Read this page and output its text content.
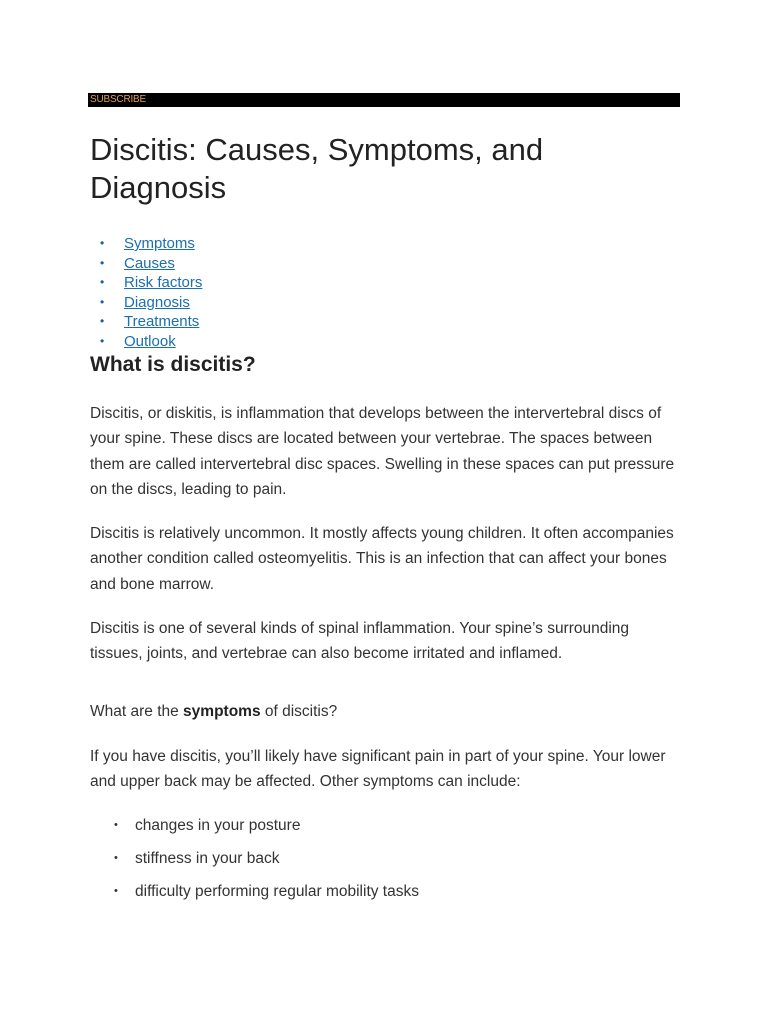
SUBSCRIBE
Discitis: Causes, Symptoms, and Diagnosis
•	Symptoms
•	Causes
•	Risk factors
•	Diagnosis
•	Treatments
•	Outlook
What is discitis?

Discitis, or diskitis, is inflammation that develops between the intervertebral discs of your spine. These discs are located between your vertebrae. The spaces between them are called intervertebral disc spaces. Swelling in these spaces can put pressure on the discs, leading to pain.

Discitis is relatively uncommon. It mostly affects young children. It often accompanies another condition called osteomyelitis. This is an infection that can affect your bones and bone marrow.

Discitis is one of several kinds of spinal inflammation. Your spine’s surrounding tissues, joints, and vertebrae can also become irritated and inflamed.

What are the symptoms of discitis?

If you have discitis, you’ll likely have significant pain in part of your spine. Your lower and upper back may be affected. Other symptoms can include:

• changes in your posture
• stiffness in your back
• difficulty performing regular mobility tasks
